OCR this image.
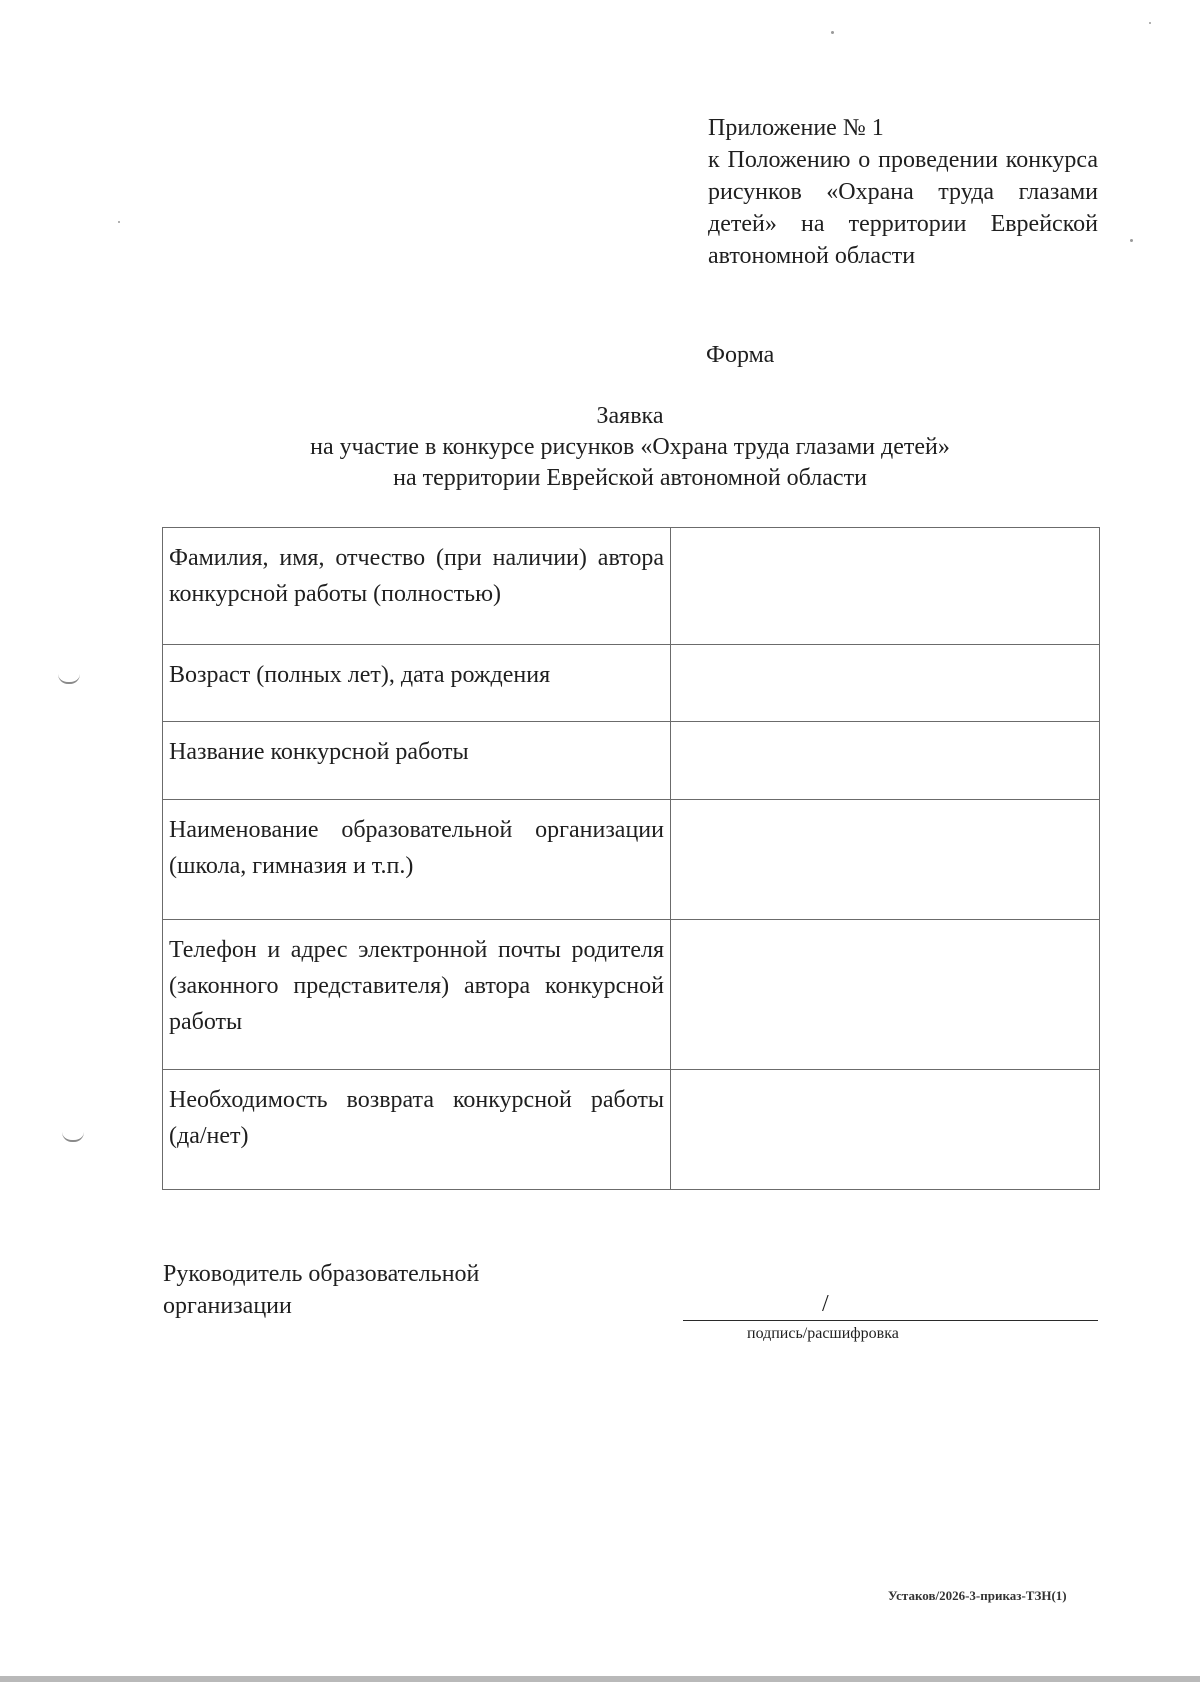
Приложение № 1
к Положению о проведении конкурса рисунков «Охрана труда глазами детей» на территории Еврейской автономной области
Форма
Заявка
на участие в конкурсе рисунков «Охрана труда глазами детей»
на территории Еврейской автономной области
Фамилия, имя, отчество (при наличии) автора конкурсной работы (полностью)	
Возраст (полных лет), дата рождения	
Название конкурсной работы	
Наименование образовательной организации (школа, гимназия и т.п.)	
Телефон и адрес электронной почты родителя (законного представителя) автора конкурсной работы	
Необходимость возврата конкурсной работы (да/нет)	
Руководитель образовательной
организации	/
подпись/расшифровка
Устаков/2026-3-приказ-ТЗН(1)
